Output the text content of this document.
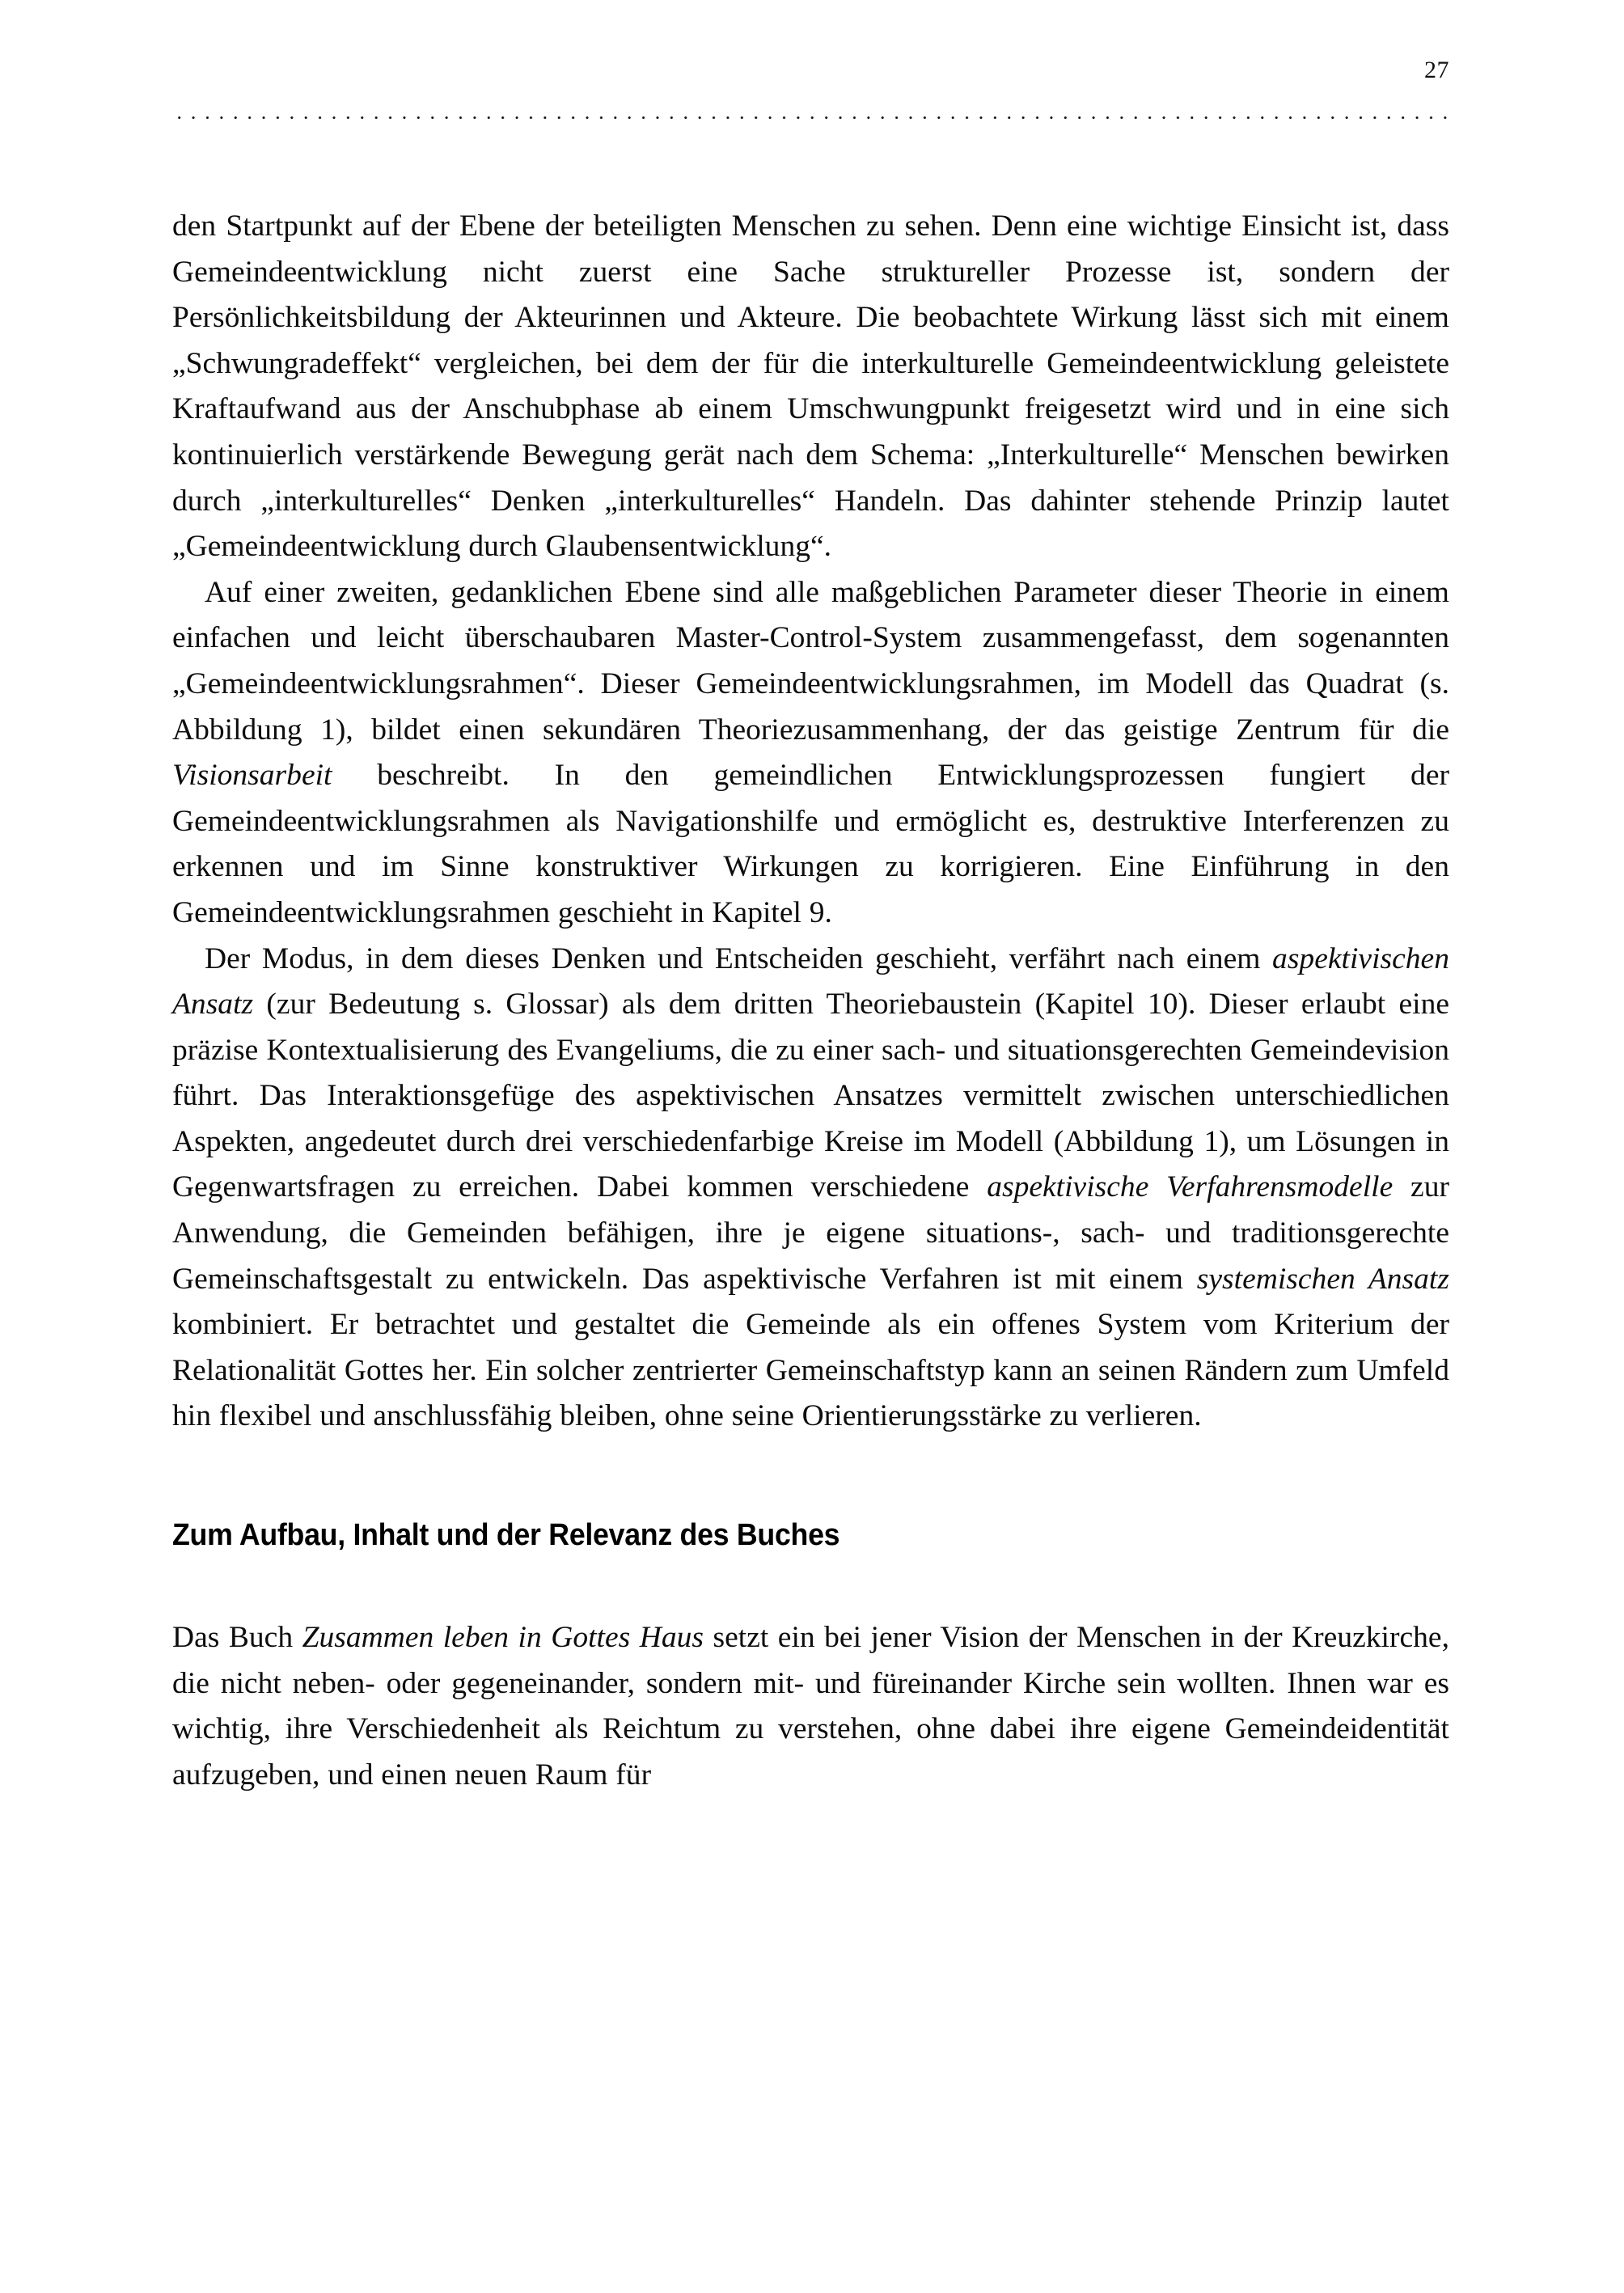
27

den Startpunkt auf der Ebene der beteiligten Menschen zu sehen. Denn eine wichtige Einsicht ist, dass Gemeindeentwicklung nicht zuerst eine Sache struktureller Prozesse ist, sondern der Persönlichkeitsbildung der Akteurinnen und Akteure. Die beobachtete Wirkung lässt sich mit einem „Schwungradeffekt“ vergleichen, bei dem der für die interkulturelle Gemeindeentwicklung geleistete Kraftaufwand aus der Anschubphase ab einem Umschwungpunkt freigesetzt wird und in eine sich kontinuierlich verstärkende Bewegung gerät nach dem Schema: „Interkulturelle“ Menschen bewirken durch „interkulturelles“ Denken „interkulturelles“ Handeln. Das dahinter stehende Prinzip lautet „Gemeindeentwicklung durch Glaubensentwicklung“.

Auf einer zweiten, gedanklichen Ebene sind alle maßgeblichen Parameter dieser Theorie in einem einfachen und leicht überschaubaren Master-Control-System zusammengefasst, dem sogenannten „Gemeindeentwicklungsrahmen“. Dieser Gemeindeentwicklungsrahmen, im Modell das Quadrat (s. Abbildung 1), bildet einen sekundären Theoriezusammenhang, der das geistige Zentrum für die Visionsarbeit beschreibt. In den gemeindlichen Entwicklungsprozessen fungiert der Gemeindeentwicklungsrahmen als Navigationshilfe und ermöglicht es, destruktive Interferenzen zu erkennen und im Sinne konstruktiver Wirkungen zu korrigieren. Eine Einführung in den Gemeindeentwicklungsrahmen geschieht in Kapitel 9.

Der Modus, in dem dieses Denken und Entscheiden geschieht, verfährt nach einem aspektivischen Ansatz (zur Bedeutung s. Glossar) als dem dritten Theoriebaustein (Kapitel 10). Dieser erlaubt eine präzise Kontextualisierung des Evangeliums, die zu einer sach- und situationsgerechten Gemeindevision führt. Das Interaktionsgefüge des aspektivischen Ansatzes vermittelt zwischen unterschiedlichen Aspekten, angedeutet durch drei verschiedenfarbige Kreise im Modell (Abbildung 1), um Lösungen in Gegenwartsfragen zu erreichen. Dabei kommen verschiedene aspektivische Verfahrensmodelle zur Anwendung, die Gemeinden befähigen, ihre je eigene situations-, sach- und traditionsgerechte Gemeinschaftsgestalt zu entwickeln. Das aspektivische Verfahren ist mit einem systemischen Ansatz kombiniert. Er betrachtet und gestaltet die Gemeinde als ein offenes System vom Kriterium der Relationalität Gottes her. Ein solcher zentrierter Gemeinschaftstyp kann an seinen Rändern zum Umfeld hin flexibel und anschlussfähig bleiben, ohne seine Orientierungsstärke zu verlieren.

Zum Aufbau, Inhalt und der Relevanz des Buches

Das Buch Zusammen leben in Gottes Haus setzt ein bei jener Vision der Menschen in der Kreuzkirche, die nicht neben- oder gegeneinander, sondern mit- und füreinander Kirche sein wollten. Ihnen war es wichtig, ihre Verschiedenheit als Reichtum zu verstehen, ohne dabei ihre eigene Gemeindeidentität aufzugeben, und einen neuen Raum für
